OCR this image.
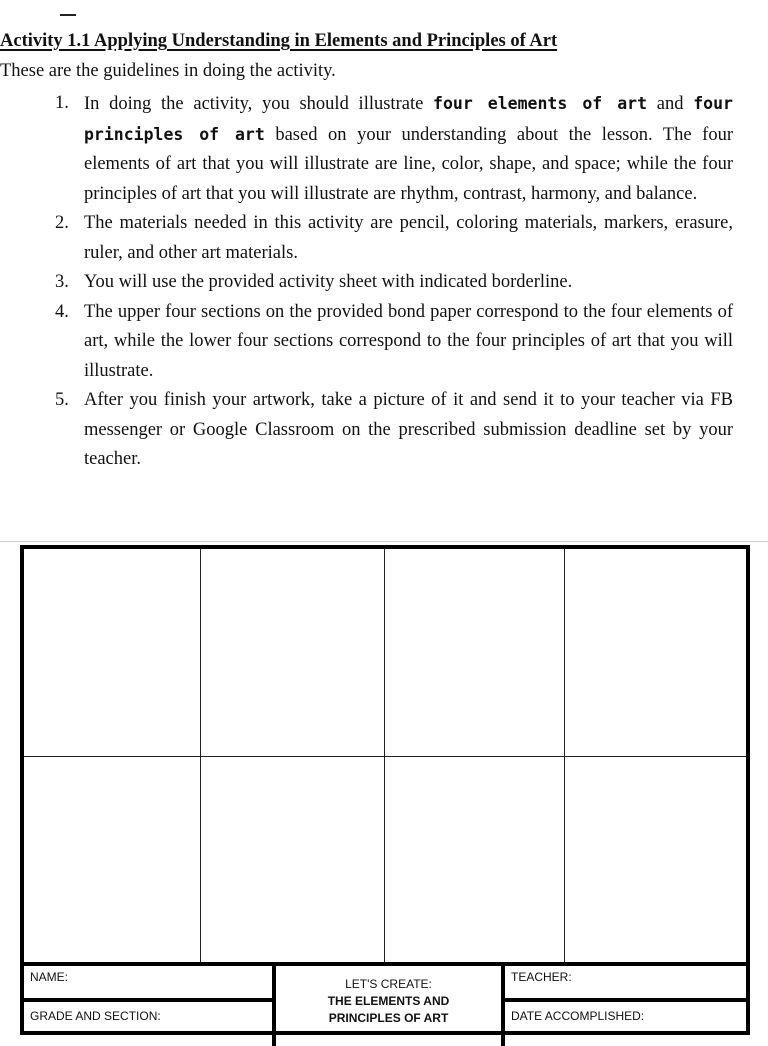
Activity 1.1 Applying Understanding in Elements and Principles of Art
These are the guidelines in doing the activity.
1. In doing the activity, you should illustrate four elements of art and four principles of art based on your understanding about the lesson. The four elements of art that you will illustrate are line, color, shape, and space; while the four principles of art that you will illustrate are rhythm, contrast, harmony, and balance.
2. The materials needed in this activity are pencil, coloring materials, markers, erasure, ruler, and other art materials.
3. You will use the provided activity sheet with indicated borderline.
4. The upper four sections on the provided bond paper correspond to the four elements of art, while the lower four sections correspond to the four principles of art that you will illustrate.
5. After you finish your artwork, take a picture of it and send it to your teacher via FB messenger or Google Classroom on the prescribed submission deadline set by your teacher.
NAME:
GRADE AND SECTION:
LET'S CREATE:
THE ELEMENTS AND
PRINCIPLES OF ART
TEACHER:
DATE ACCOMPLISHED:
